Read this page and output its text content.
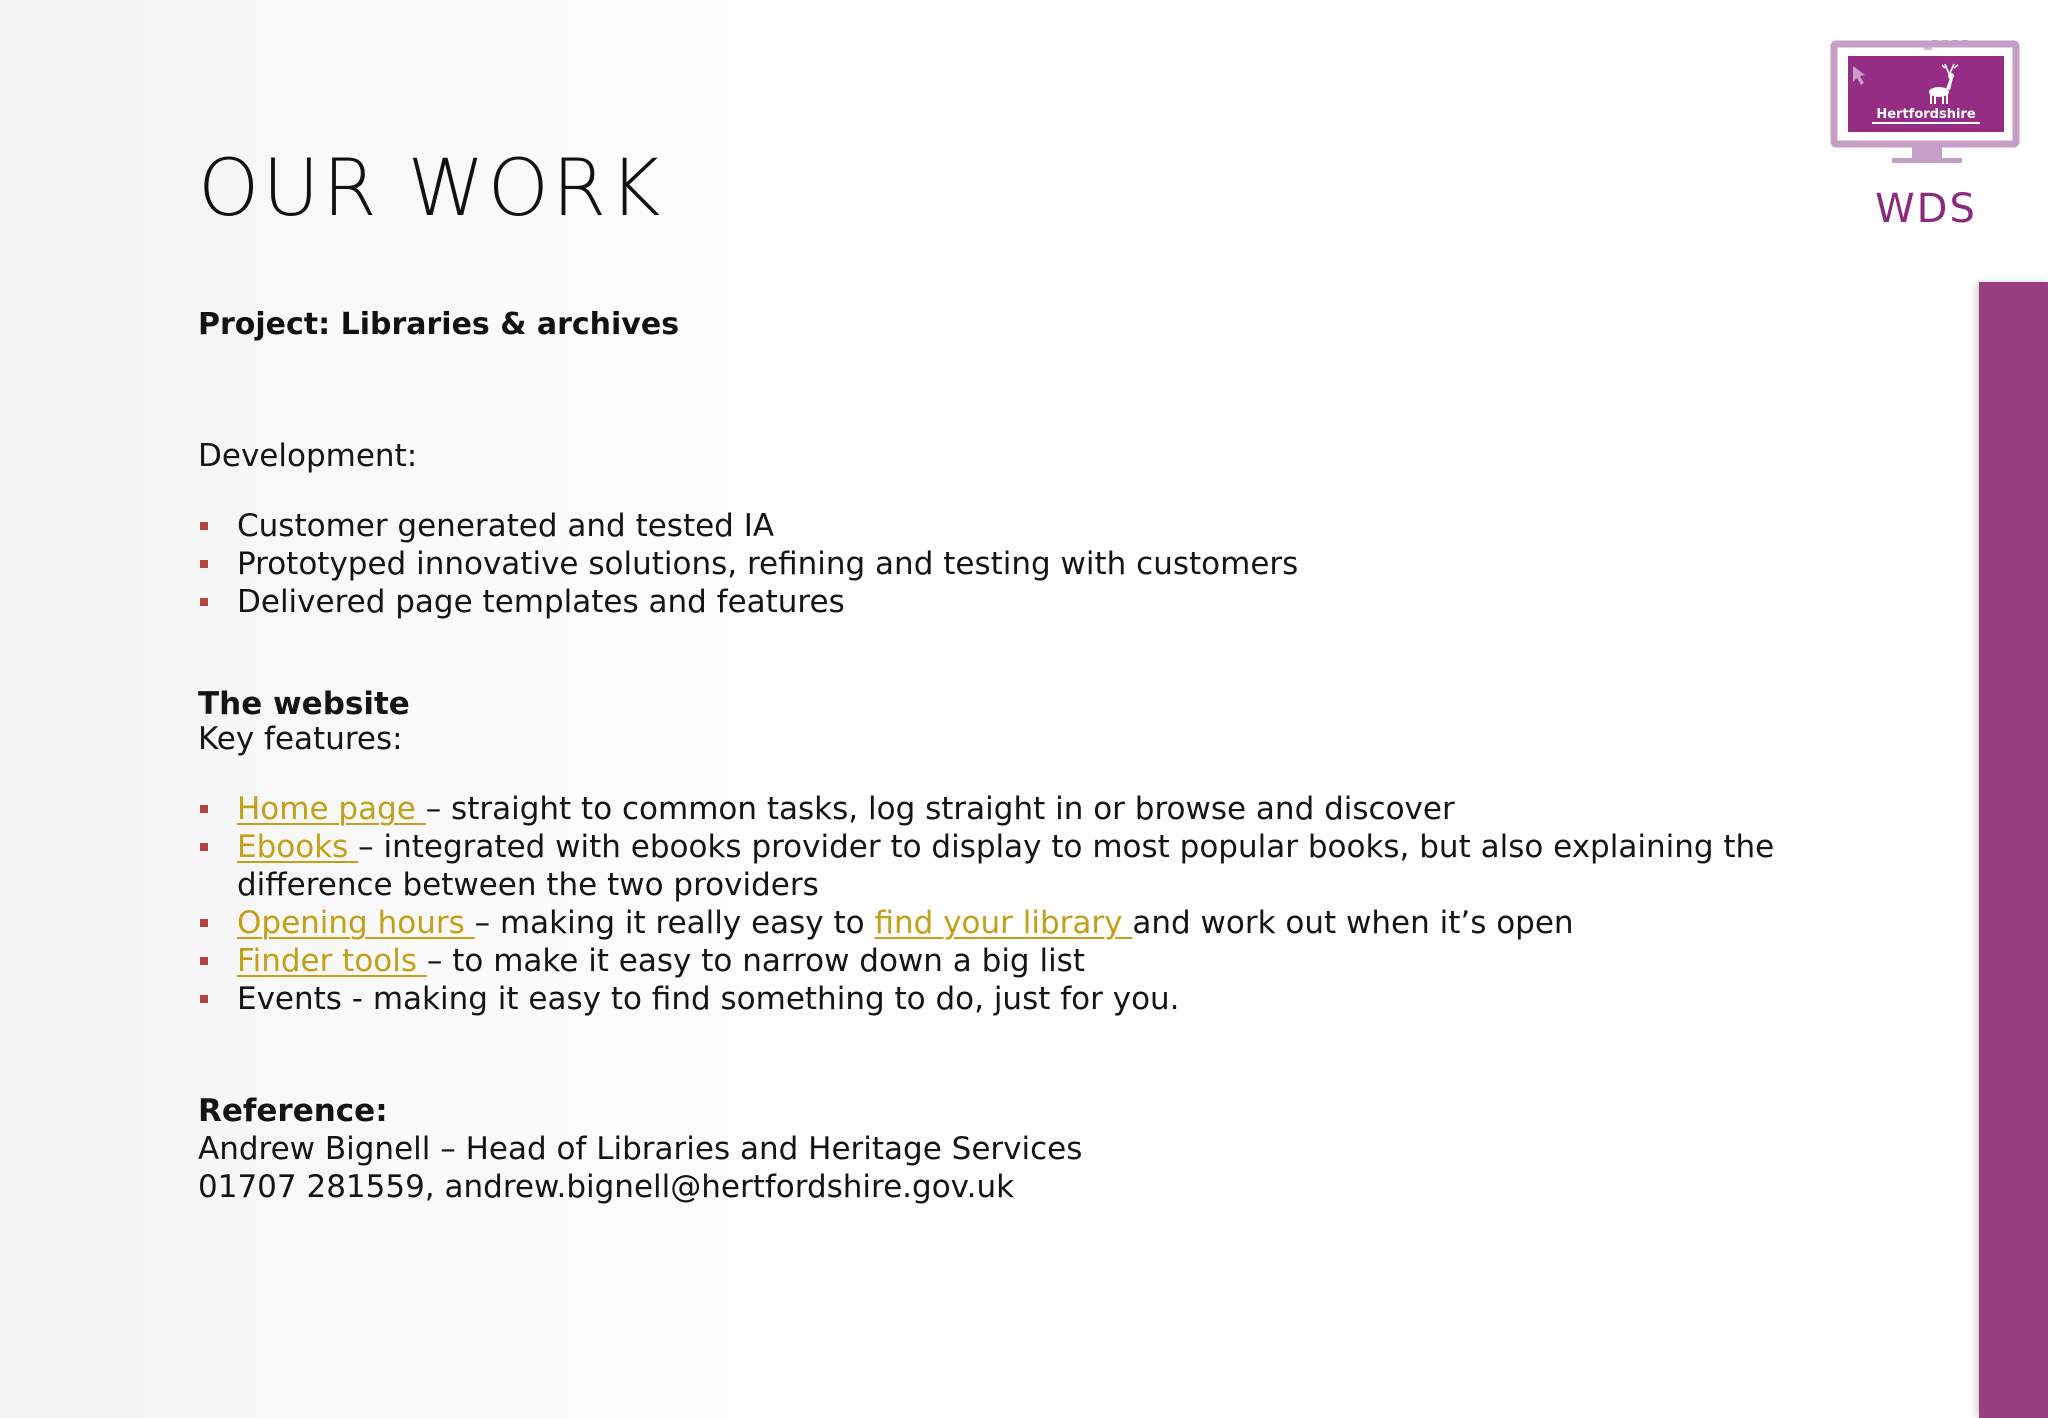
OUR WORK
Project: Libraries & archives
Development:
Customer generated and tested IA
Prototyped innovative solutions, refining and testing with customers
Delivered page templates and features
The website
Key features:
Home page – straight to common tasks, log straight in or browse and discover
Ebooks – integrated with ebooks provider to display to most popular books, but also explaining the
difference between the two providers
Opening hours – making it really easy to find your library and work out when it’s open
Finder tools – to make it easy to narrow down a big list
Events - making it easy to find something to do, just for you.
Reference:
Andrew Bignell – Head of Libraries and Heritage Services
01707 281559, andrew.bignell@hertfordshire.gov.uk
Hertfordshire
WDS
